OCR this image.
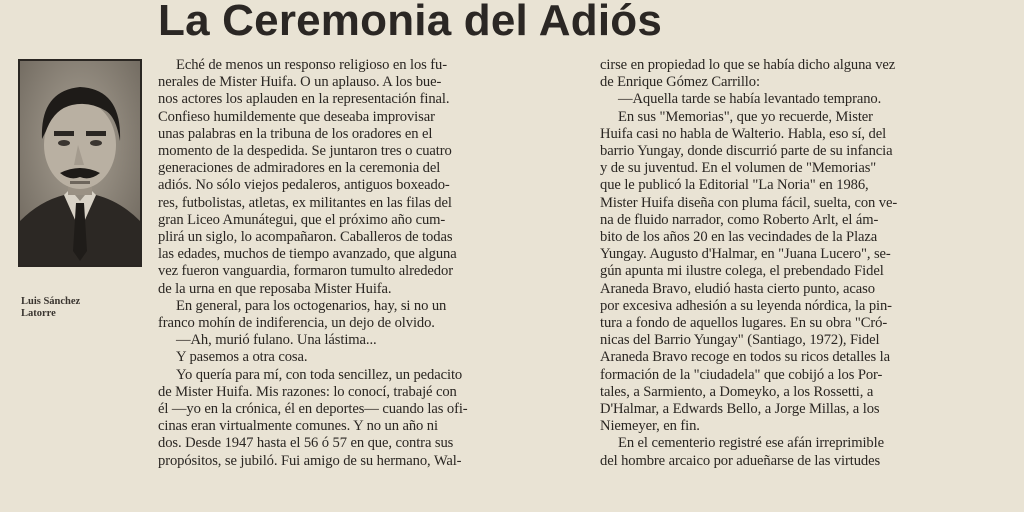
La Ceremonia del Adiós
Luis Sánchez
Latorre
Eché de menos un responso religioso en los fu-
nerales de Mister Huifa. O un aplauso. A los bue-
nos actores los aplauden en la representación final.
Confieso humildemente que deseaba improvisar
unas palabras en la tribuna de los oradores en el
momento de la despedida. Se juntaron tres o cuatro
generaciones de admiradores en la ceremonia del
adiós. No sólo viejos pedaleros, antiguos boxeado-
res, futbolistas, atletas, ex militantes en las filas del
gran Liceo Amunátegui, que el próximo año cum-
plirá un siglo, lo acompañaron. Caballeros de todas
las edades, muchos de tiempo avanzado, que alguna
vez fueron vanguardia, formaron tumulto alrededor
de la urna en que reposaba Mister Huifa.
En general, para los octogenarios, hay, si no un
franco mohín de indiferencia, un dejo de olvido.
—Ah, murió fulano. Una lástima...
Y pasemos a otra cosa.
Yo quería para mí, con toda sencillez, un pedacito
de Mister Huifa. Mis razones: lo conocí, trabajé con
él —yo en la crónica, él en deportes— cuando las ofi-
cinas eran virtualmente comunes. Y no un año ni
dos. Desde 1947 hasta el 56 ó 57 en que, contra sus
propósitos, se jubiló. Fui amigo de su hermano, Wal-
cirse en propiedad lo que se había dicho alguna vez
de Enrique Gómez Carrillo:
—Aquella tarde se había levantado temprano.
En sus "Memorias", que yo recuerde, Mister
Huifa casi no habla de Walterio. Habla, eso sí, del
barrio Yungay, donde discurrió parte de su infancia
y de su juventud. En el volumen de "Memorias"
que le publicó la Editorial "La Noria" en 1986,
Mister Huifa diseña con pluma fácil, suelta, con ve-
na de fluido narrador, como Roberto Arlt, el ám-
bito de los años 20 en las vecindades de la Plaza
Yungay. Augusto d'Halmar, en "Juana Lucero", se-
gún apunta mi ilustre colega, el prebendado Fidel
Araneda Bravo, eludió hasta cierto punto, acaso
por excesiva adhesión a su leyenda nórdica, la pin-
tura a fondo de aquellos lugares. En su obra "Cró-
nicas del Barrio Yungay" (Santiago, 1972), Fidel
Araneda Bravo recoge en todos su ricos detalles la
formación de la "ciudadela" que cobijó a los Por-
tales, a Sarmiento, a Domeyko, a los Rossetti, a
D'Halmar, a Edwards Bello, a Jorge Millas, a los
Niemeyer, en fin.
En el cementerio registré ese afán irreprimible
del hombre arcaico por adueñarse de las virtudes
